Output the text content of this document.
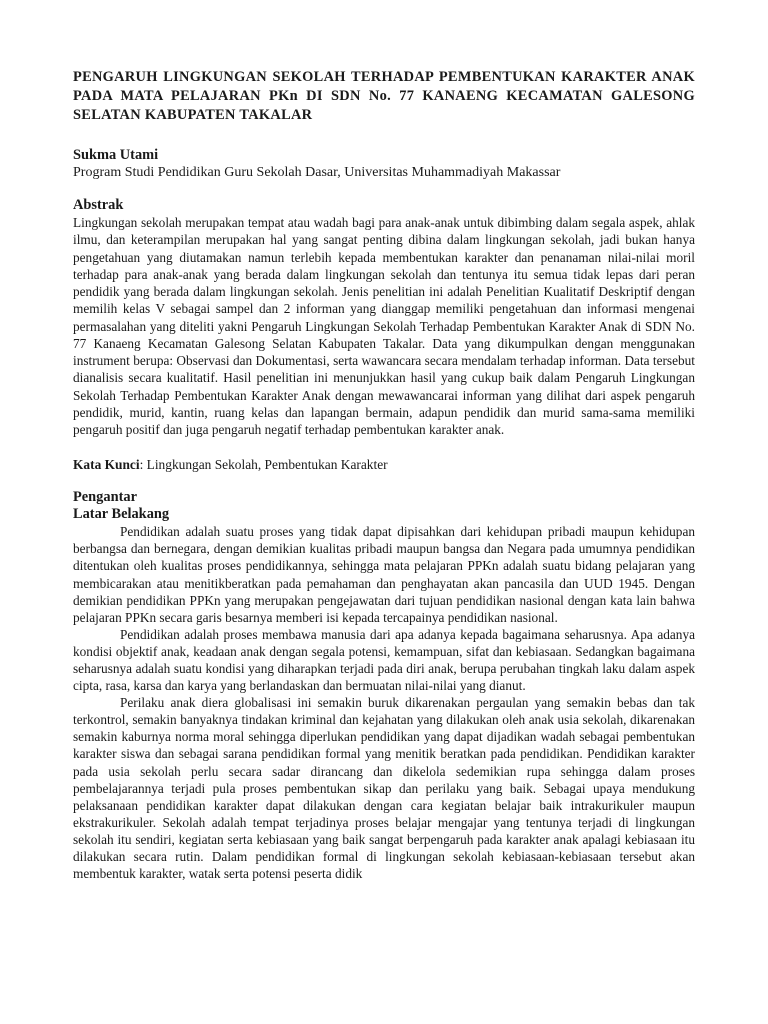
PENGARUH LINGKUNGAN SEKOLAH TERHADAP PEMBENTUKAN KARAKTER ANAK PADA MATA PELAJARAN PKn DI SDN No. 77 KANAENG KECAMATAN GALESONG SELATAN KABUPATEN TAKALAR

Sukma Utami

Program Studi Pendidikan Guru Sekolah Dasar, Universitas Muhammadiyah Makassar

Abstrak

Lingkungan sekolah merupakan tempat atau wadah bagi para anak-anak untuk dibimbing dalam segala aspek, ahlak ilmu, dan keterampilan merupakan hal yang sangat penting dibina dalam lingkungan sekolah, jadi bukan hanya pengetahuan yang diutamakan namun terlebih kepada membentukan karakter dan penanaman nilai-nilai moril terhadap para anak-anak yang berada dalam lingkungan sekolah dan tentunya itu semua tidak lepas dari peran pendidik yang berada dalam lingkungan sekolah. Jenis penelitian ini adalah Penelitian Kualitatif Deskriptif dengan memilih kelas V sebagai sampel dan 2 informan yang dianggap memiliki pengetahuan dan informasi mengenai permasalahan yang diteliti yakni Pengaruh Lingkungan Sekolah Terhadap Pembentukan Karakter Anak di SDN No. 77 Kanaeng Kecamatan Galesong Selatan Kabupaten Takalar. Data yang dikumpulkan dengan menggunakan instrument berupa: Observasi dan Dokumentasi, serta wawancara secara mendalam terhadap informan. Data tersebut dianalisis secara kualitatif. Hasil penelitian ini menunjukkan hasil yang cukup baik dalam Pengaruh Lingkungan Sekolah Terhadap Pembentukan Karakter Anak dengan mewawancarai informan yang dilihat dari aspek pengaruh pendidik, murid, kantin, ruang kelas dan lapangan bermain, adapun pendidik dan murid sama-sama memiliki pengaruh positif dan juga pengaruh negatif terhadap pembentukan karakter anak.

Kata Kunci: Lingkungan Sekolah, Pembentukan Karakter

Pengantar

Latar Belakang

Pendidikan adalah suatu proses yang tidak dapat dipisahkan dari kehidupan pribadi maupun kehidupan berbangsa dan bernegara, dengan demikian kualitas pribadi maupun bangsa dan Negara pada umumnya pendidikan ditentukan oleh kualitas proses pendidikannya, sehingga mata pelajaran PPKn adalah suatu bidang pelajaran yang membicarakan atau menitikberatkan pada pemahaman dan penghayatan akan pancasila dan UUD 1945. Dengan demikian pendidikan PPKn yang merupakan pengejawatan dari tujuan pendidikan nasional dengan kata lain bahwa pelajaran PPKn secara garis besarnya memberi isi kepada tercapainya pendidikan nasional.

Pendidikan adalah proses membawa manusia dari apa adanya kepada bagaimana seharusnya. Apa adanya kondisi objektif anak, keadaan anak dengan segala potensi, kemampuan, sifat dan kebiasaan. Sedangkan bagaimana seharusnya adalah suatu kondisi yang diharapkan terjadi pada diri anak, berupa perubahan tingkah laku dalam aspek cipta, rasa, karsa dan karya yang berlandaskan dan bermuatan nilai-nilai yang dianut.

Perilaku anak diera globalisasi ini semakin buruk dikarenakan pergaulan yang semakin bebas dan tak terkontrol, semakin banyaknya tindakan kriminal dan kejahatan yang dilakukan oleh anak usia sekolah, dikarenakan semakin kaburnya norma moral sehingga diperlukan pendidikan yang dapat dijadikan wadah sebagai pembentukan karakter siswa dan sebagai sarana pendidikan formal yang menitik beratkan pada pendidikan. Pendidikan karakter pada usia sekolah perlu secara sadar dirancang dan dikelola sedemikian rupa sehingga dalam proses pembelajarannya terjadi pula proses pembentukan sikap dan perilaku yang baik. Sebagai upaya mendukung pelaksanaan pendidikan karakter dapat dilakukan dengan cara kegiatan belajar baik intrakurikuler maupun ekstrakurikuler. Sekolah adalah tempat terjadinya proses belajar mengajar yang tentunya terjadi di lingkungan sekolah itu sendiri, kegiatan serta kebiasaan yang baik sangat berpengaruh pada karakter anak apalagi kebiasaan itu dilakukan secara rutin. Dalam pendidikan formal di lingkungan sekolah kebiasaan-kebiasaan tersebut akan membentuk karakter, watak serta potensi peserta didik
